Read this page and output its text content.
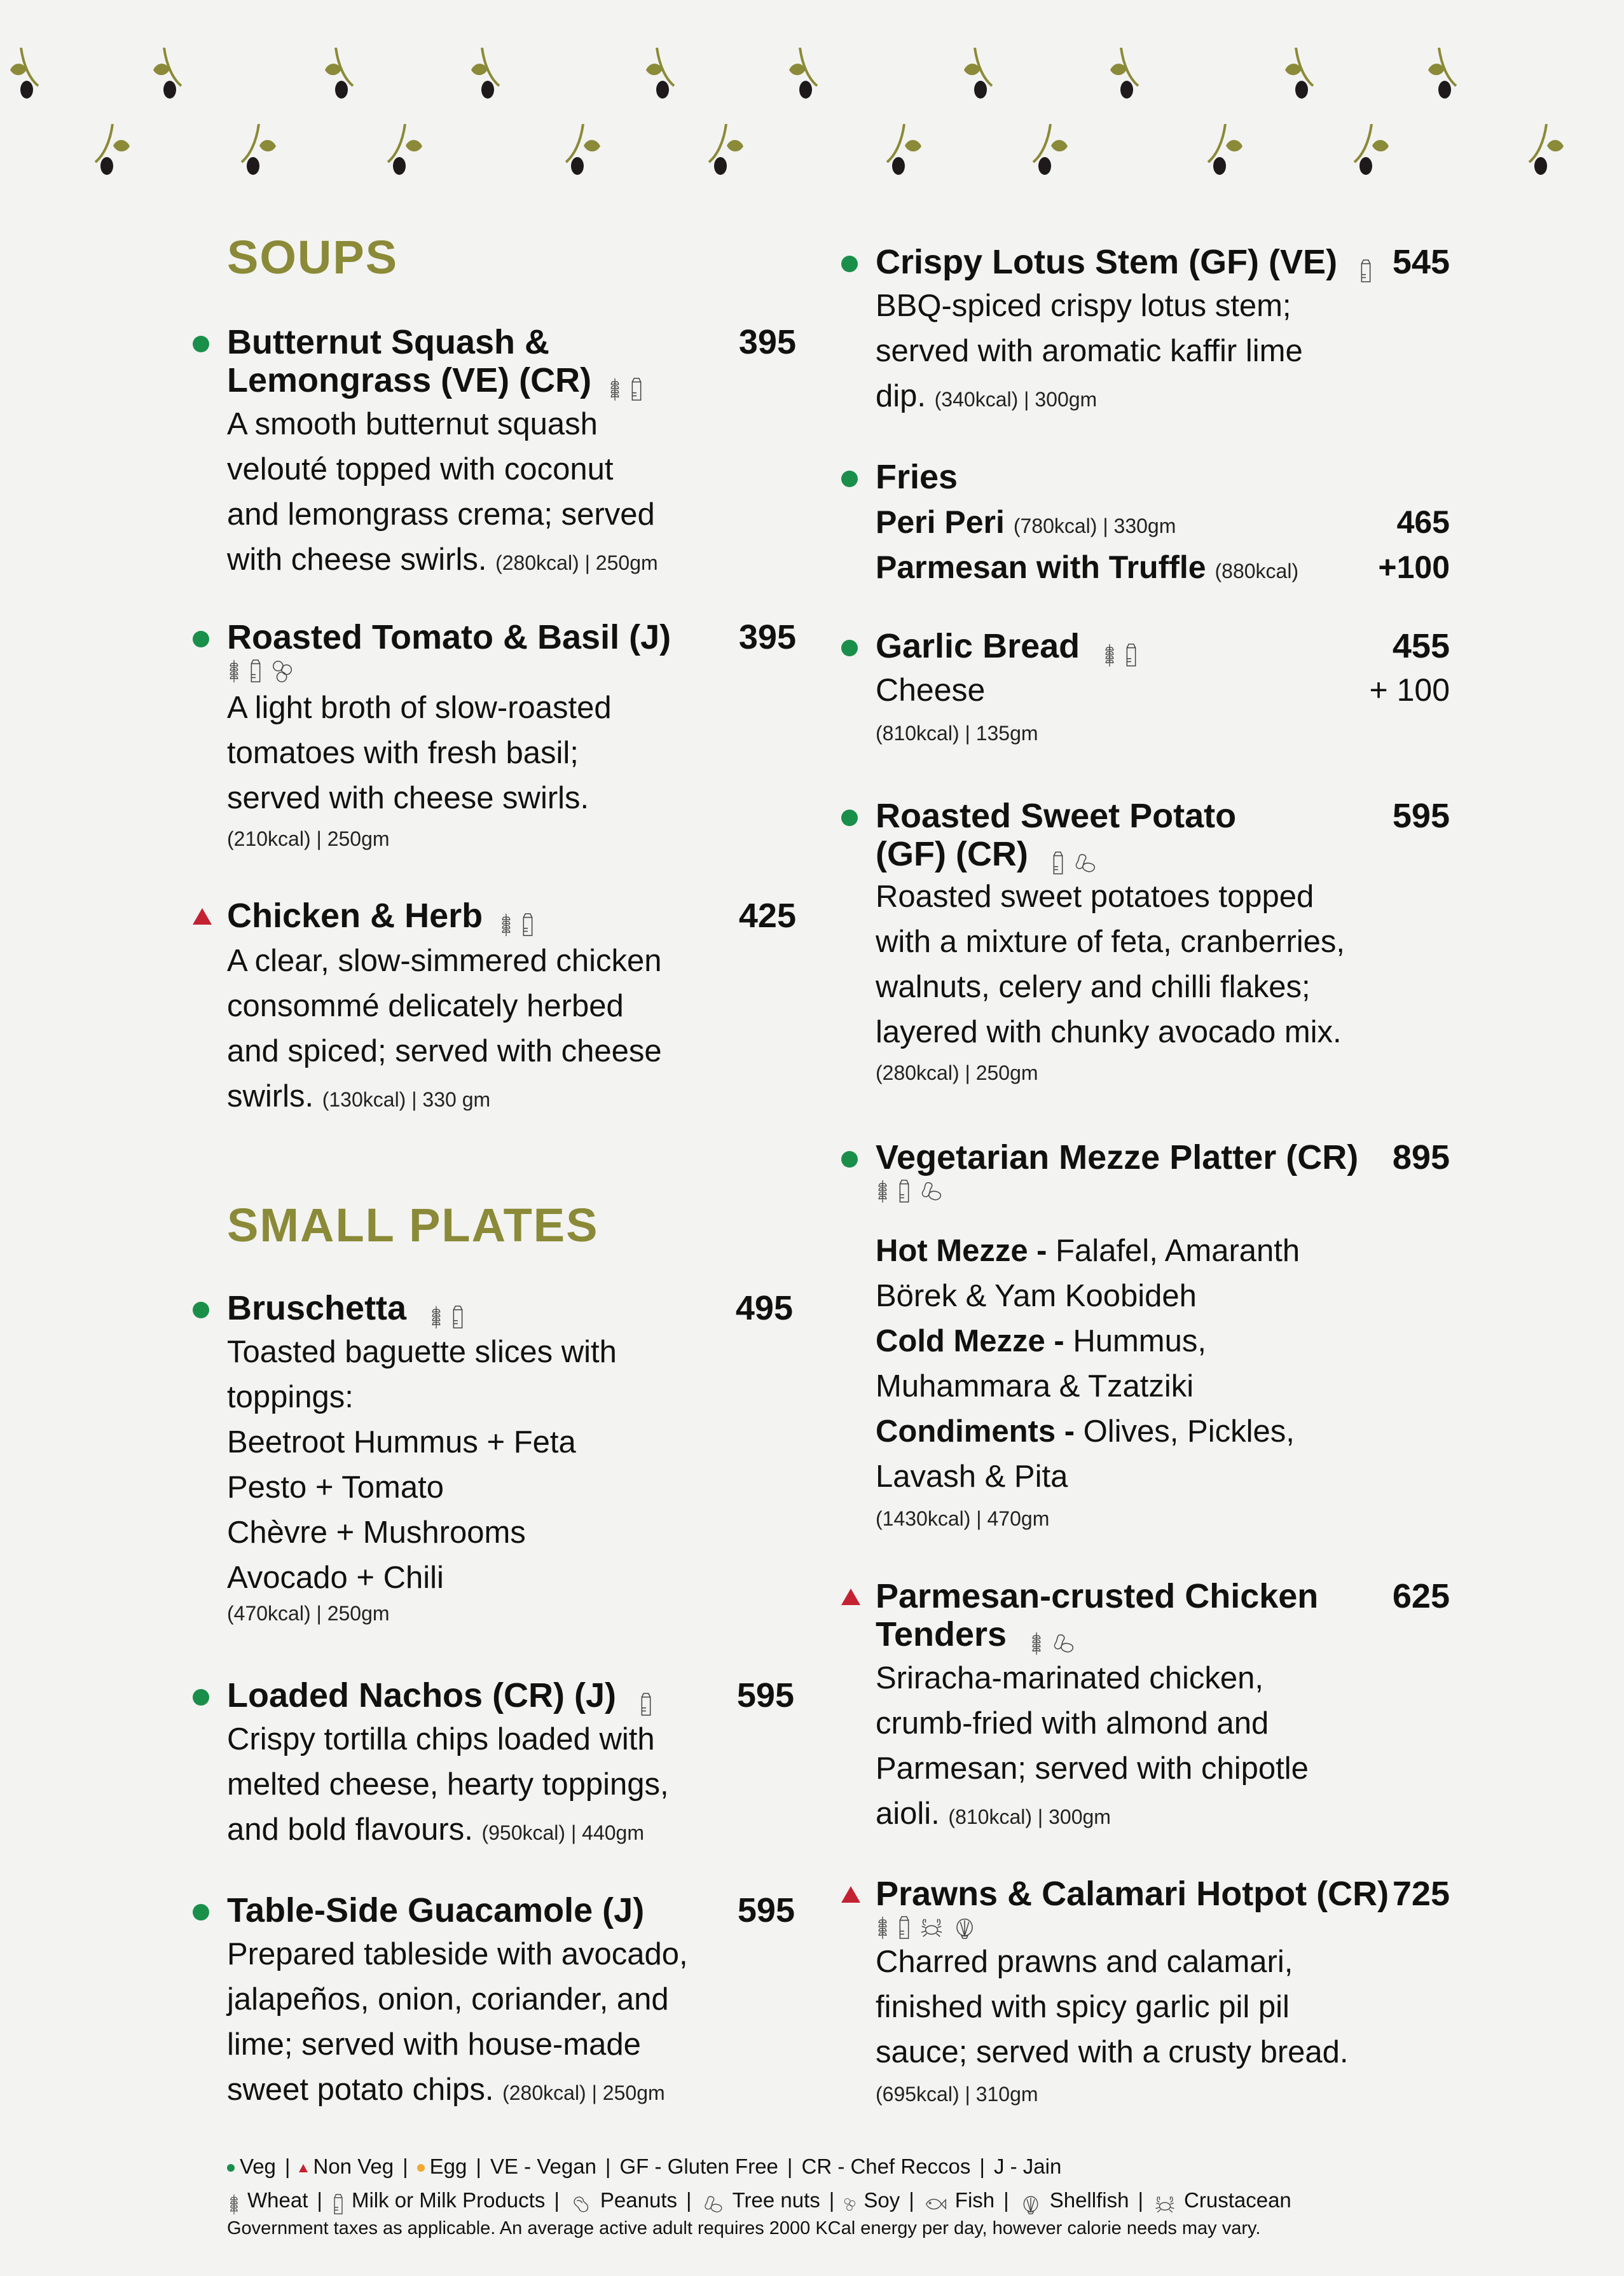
SOUPS
Butternut Squash &
Lemongrass (VE) (CR)
395
A smooth butternut squash
velouté topped with coconut
and lemongrass crema; served
with cheese swirls. (280kcal) | 250gm
Roasted Tomato & Basil (J)	395
A light broth of slow-roasted
tomatoes with fresh basil;
served with cheese swirls.
(210kcal) | 250gm
Chicken & Herb	425
A clear, slow-simmered chicken
consommé delicately herbed
and spiced; served with cheese
swirls. (130kcal) | 330 gm
SMALL PLATES
Bruschetta	495
Toasted baguette slices with
toppings:
Beetroot Hummus + Feta
Pesto + Tomato
Chèvre + Mushrooms
Avocado + Chili
(470kcal) | 250gm
Loaded Nachos (CR) (J)	595
Crispy tortilla chips loaded with
melted cheese, hearty toppings,
and bold flavours. (950kcal) | 440gm
Table-Side Guacamole (J)	595
Prepared tableside with avocado,
jalapeños, onion, coriander, and
lime; served with house-made
sweet potato chips. (280kcal) | 250gm
Crispy Lotus Stem (GF) (VE)	545
BBQ-spiced crispy lotus stem;
served with aromatic kaffir lime
dip. (340kcal) | 300gm
Fries
Peri Peri (780kcal) | 330gm	465
Parmesan with Truffle (880kcal)	+100
Garlic Bread	455
Cheese	+ 100
(810kcal) | 135gm
Roasted Sweet Potato
(GF) (CR)
595
Roasted sweet potatoes topped
with a mixture of feta, cranberries,
walnuts, celery and chilli flakes;
layered with chunky avocado mix.
(280kcal) | 250gm
Vegetarian Mezze Platter (CR) 895
Hot Mezze - Falafel, Amaranth
Börek & Yam Koobideh
Cold Mezze - Hummus,
Muhammara & Tzatziki
Condiments - Olives, Pickles,
Lavash & Pita
(1430kcal) | 470gm
Parmesan-crusted Chicken
Tenders
625
Sriracha-marinated chicken,
crumb-fried with almond and
Parmesan; served with chipotle
aioli. (810kcal) | 300gm
Prawns & Calamari Hotpot (CR) 725
Charred prawns and calamari,
finished with spicy garlic pil pil
sauce; served with a crusty bread.
(695kcal) | 310gm
Veg | Non Veg | Egg | VE - Vegan | GF - Gluten Free | CR - Chef Reccos | J - Jain
Wheat | Milk or Milk Products | Peanuts | Tree nuts | Soy | Fish | Shellfish | Crustacean
Government taxes as applicable. An average active adult requires 2000 KCal energy per day, however calorie needs may vary.
